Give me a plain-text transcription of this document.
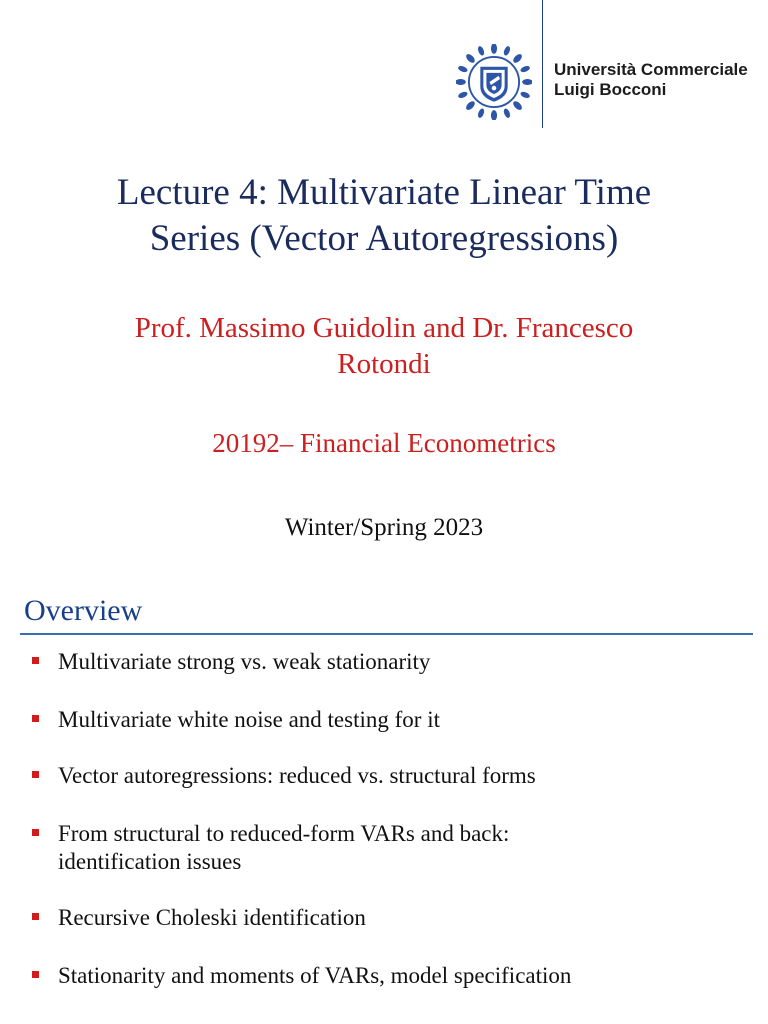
Università Commerciale
Luigi Bocconi
Lecture 4: Multivariate Linear Time
Series (Vector Autoregressions)
Prof. Massimo Guidolin and Dr. Francesco
Rotondi
20192– Financial Econometrics
Winter/Spring 2023
Overview
Multivariate strong vs. weak stationarity
Multivariate white noise and testing for it
Vector autoregressions: reduced vs. structural forms
From structural to reduced-form VARs and back:
identification issues
Recursive Choleski identification
Stationarity and moments of VARs, model specification
